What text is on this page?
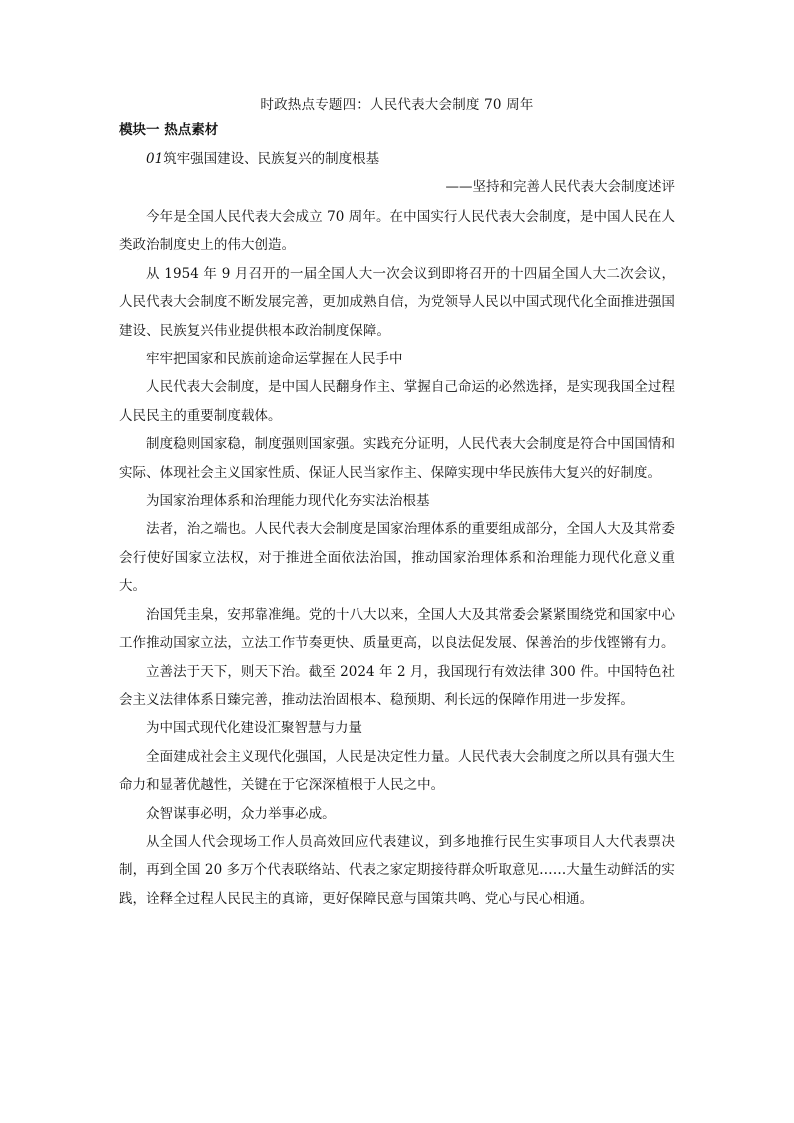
时政热点专题四：人民代表大会制度 70 周年

模块一 热点素材

01筑牢强国建设、民族复兴的制度根基

——坚持和完善人民代表大会制度述评

今年是全国人民代表大会成立 70 周年。在中国实行人民代表大会制度，是中国人民在人类政治制度史上的伟大创造。

从 1954 年 9 月召开的一届全国人大一次会议到即将召开的十四届全国人大二次会议，人民代表大会制度不断发展完善，更加成熟自信，为党领导人民以中国式现代化全面推进强国建设、民族复兴伟业提供根本政治制度保障。

牢牢把国家和民族前途命运掌握在人民手中

人民代表大会制度，是中国人民翻身作主、掌握自己命运的必然选择，是实现我国全过程人民民主的重要制度载体。

制度稳则国家稳，制度强则国家强。实践充分证明，人民代表大会制度是符合中国国情和实际、体现社会主义国家性质、保证人民当家作主、保障实现中华民族伟大复兴的好制度。

为国家治理体系和治理能力现代化夯实法治根基

法者，治之端也。人民代表大会制度是国家治理体系的重要组成部分，全国人大及其常委会行使好国家立法权，对于推进全面依法治国，推动国家治理体系和治理能力现代化意义重大。

治国凭圭臬，安邦靠准绳。党的十八大以来，全国人大及其常委会紧紧围绕党和国家中心工作推动国家立法，立法工作节奏更快、质量更高，以良法促发展、保善治的步伐铿锵有力。

立善法于天下，则天下治。截至 2024 年 2 月，我国现行有效法律 300 件。中国特色社会主义法律体系日臻完善，推动法治固根本、稳预期、利长远的保障作用进一步发挥。

为中国式现代化建设汇聚智慧与力量

全面建成社会主义现代化强国，人民是决定性力量。人民代表大会制度之所以具有强大生命力和显著优越性，关键在于它深深植根于人民之中。

众智谋事必明，众力举事必成。

从全国人代会现场工作人员高效回应代表建议，到多地推行民生实事项目人大代表票决制，再到全国 20 多万个代表联络站、代表之家定期接待群众听取意见……大量生动鲜活的实践，诠释全过程人民民主的真谛，更好保障民意与国策共鸣、党心与民心相通。
